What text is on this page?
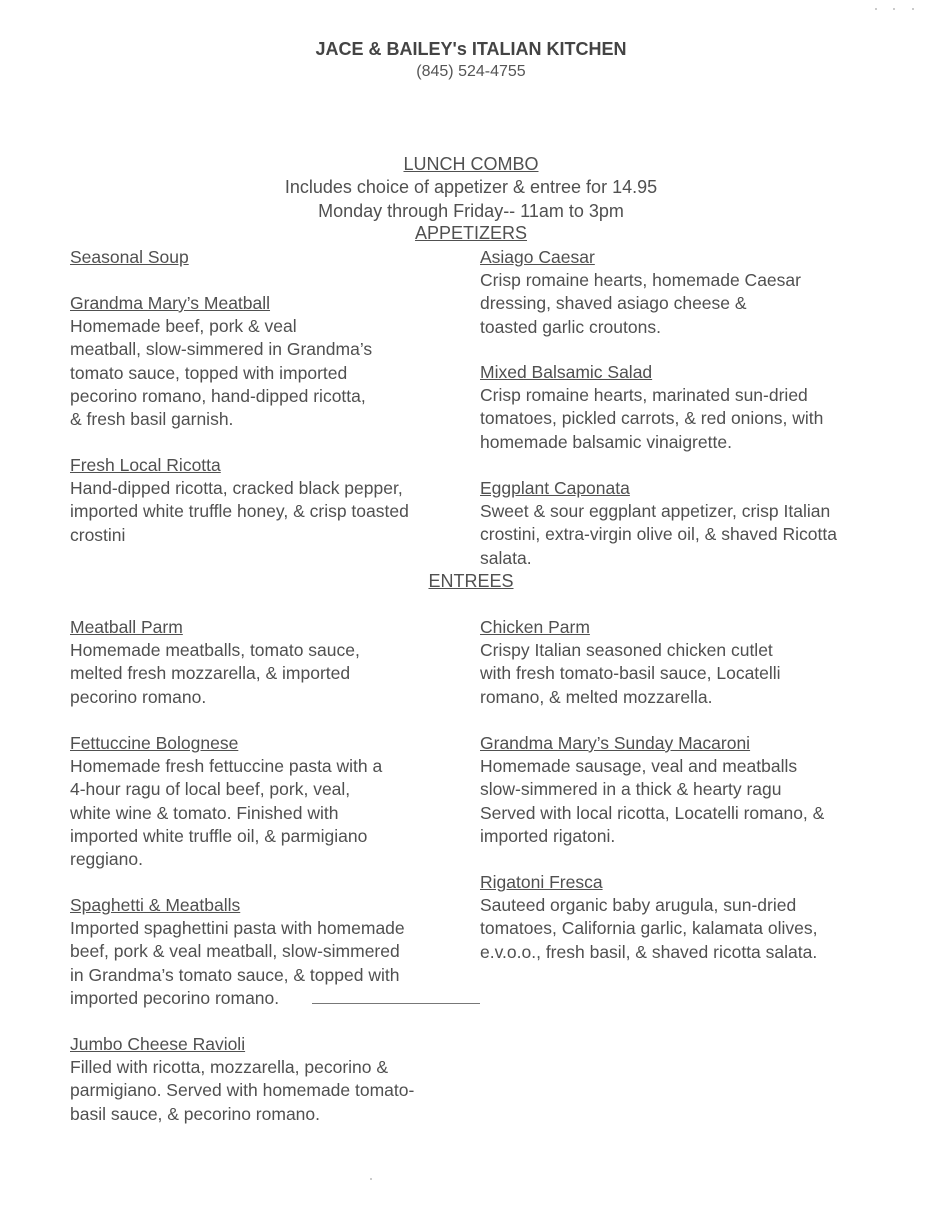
JACE & BAILEY's ITALIAN KITCHEN
(845) 524-4755
LUNCH COMBO
Includes choice of appetizer & entree for 14.95
Monday through Friday-- 11am to 3pm
APPETIZERS
Seasonal Soup
Grandma Mary’s Meatball
Homemade beef, pork & veal
meatball, slow-simmered in Grandma’s
tomato sauce, topped with imported
pecorino romano, hand-dipped ricotta,
& fresh basil garnish.
Fresh Local Ricotta
Hand-dipped ricotta, cracked black pepper,
imported white truffle honey, & crisp toasted
crostini
Asiago Caesar
Crisp romaine hearts, homemade Caesar
dressing, shaved asiago cheese &
toasted garlic croutons.
Mixed Balsamic Salad
Crisp romaine hearts, marinated sun-dried
tomatoes, pickled carrots, & red onions, with
homemade balsamic vinaigrette.
Eggplant Caponata
Sweet & sour eggplant appetizer, crisp Italian
crostini, extra-virgin olive oil, & shaved Ricotta
salata.
ENTREES
Meatball Parm
Homemade meatballs, tomato sauce,
melted fresh mozzarella, & imported
pecorino romano.
Fettuccine Bolognese
Homemade fresh fettuccine pasta with a
4-hour ragu of local beef, pork, veal,
white wine & tomato. Finished with
imported white truffle oil, & parmigiano
reggiano.
Spaghetti & Meatballs
Imported spaghettini pasta with homemade
beef, pork & veal meatball, slow-simmered
in Grandma’s tomato sauce, & topped with
imported pecorino romano.
Jumbo Cheese Ravioli
Filled with ricotta, mozzarella, pecorino &
parmigiano. Served with homemade tomato-
basil sauce, & pecorino romano.
Chicken Parm
Crispy Italian seasoned chicken cutlet
with fresh tomato-basil sauce, Locatelli
romano, & melted mozzarella.
Grandma Mary’s Sunday Macaroni
Homemade sausage, veal and meatballs
slow-simmered in a thick & hearty ragu
Served with local ricotta, Locatelli romano, &
imported rigatoni.
Rigatoni Fresca
Sauteed organic baby arugula, sun-dried
tomatoes, California garlic, kalamata olives,
e.v.o.o., fresh basil, & shaved ricotta salata.
